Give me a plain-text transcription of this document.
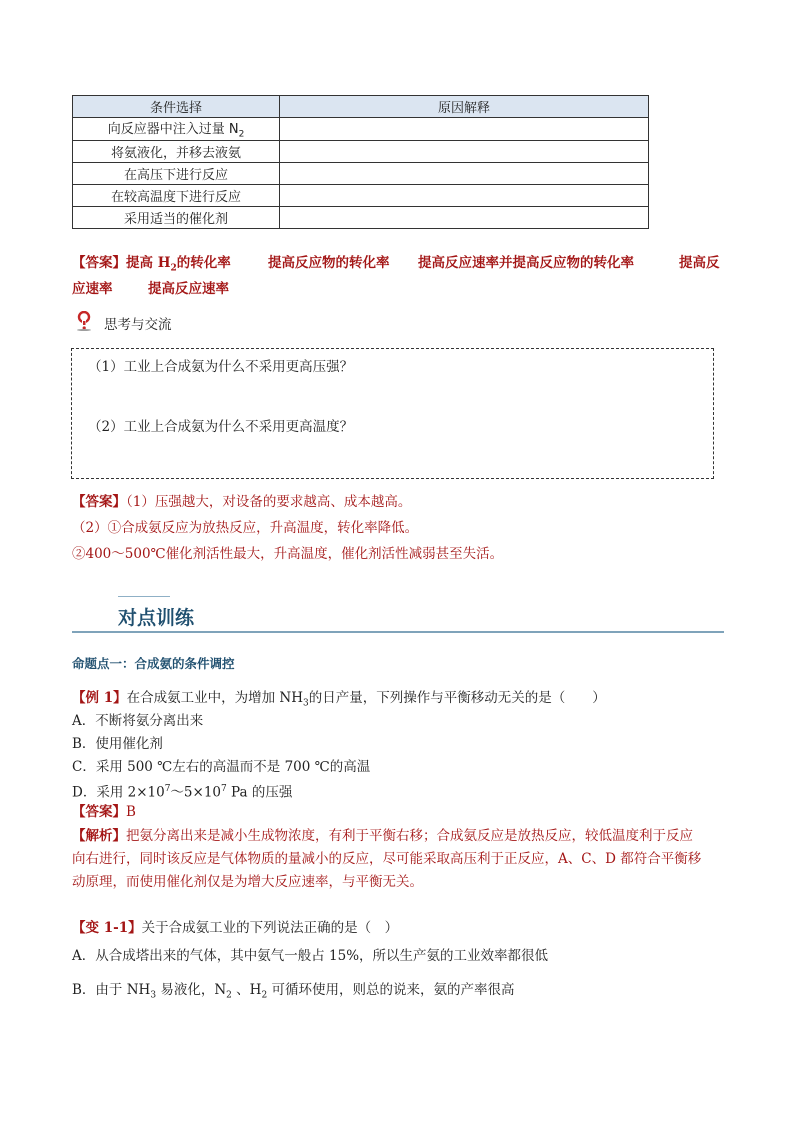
条件选择	原因解释
向反应器中注入过量 $N_2$	
将氨液化，并移去液氨	
在高压下进行反应	
在较高温度下进行反应	
采用适当的催化剂	
【答案】提高 $H_2$的转化率	提高反应物的转化率 提高反应速率并提高反应物的转化率	提高反
应速率	提高反应速率
思考与交流
（1）工业上合成氨为什么不采用更高压强？
（2）工业上合成氨为什么不采用更高温度？
【答案】（1）压强越大，对设备的要求越高、成本越高。
（2）①合成氨反应为放热反应，升高温度，转化率降低。
②400～500℃催化剂活性最大，升高温度，催化剂活性减弱甚至失活。
对点训练
命题点一：合成氨的条件调控
【例 1】在合成氨工业中，为增加 $NH_3$的日产量，下列操作与平衡移动无关的是（　　）
A．不断将氨分离出来
B．使用催化剂
C．采用 500 ℃左右的高温而不是 700 ℃的高温
D．采用 $2\times 10^7\sim 5\times 10^7$ Pa 的压强
【答案】B
【解析】把氨分离出来是减小生成物浓度，有利于平衡右移；合成氨反应是放热反应，较低温度利于反应
向右进行，同时该反应是气体物质的量减小的反应，尽可能采取高压利于正反应，A、C、D 都符合平衡移
动原理，而使用催化剂仅是为增大反应速率，与平衡无关。
【变 1-1】关于合成氨工业的下列说法正确的是（　）
A．从合成塔出来的气体，其中氨气一般占 15%，所以生产氨的工业效率都很低
B．由于 $NH_3$ 易液化，$N_2$ 、$H_2$ 可循环使用，则总的说来，氨的产率很高
